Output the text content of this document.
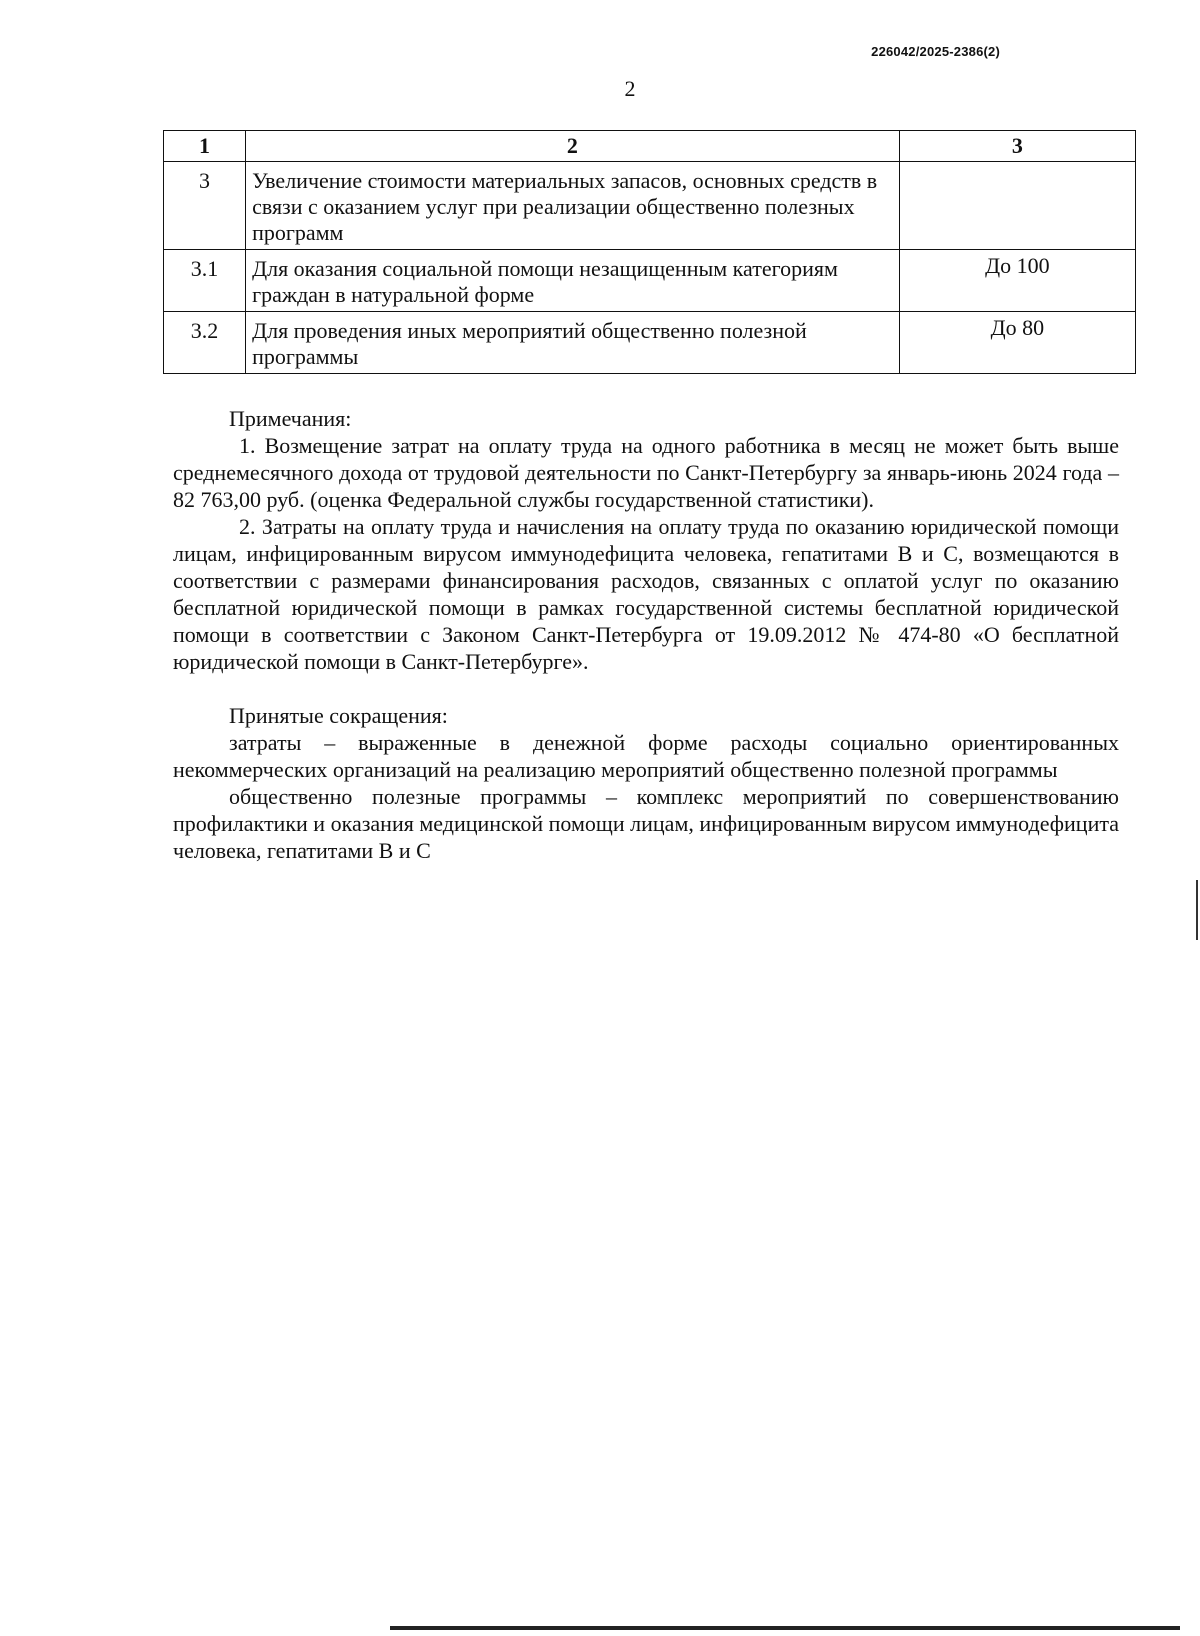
226042/2025-2386(2)
2
1	2	3
3	Увеличение стоимости материальных запасов, основных средств в связи с оказанием услуг при реализации общественно полезных программ	
3.1	Для оказания социальной помощи незащищенным категориям граждан в натуральной форме	До 100
3.2	Для проведения иных мероприятий общественно полезной программы	До 80

Примечания:

1. Возмещение затрат на оплату труда на одного работника в месяц не может быть выше среднемесячного дохода от трудовой деятельности по Санкт-Петербургу за январь-июнь 2024 года – 82 763,00 руб. (оценка Федеральной службы государственной статистики).

2. Затраты на оплату труда и начисления на оплату труда по оказанию юридической помощи лицам, инфицированным вирусом иммунодефицита человека, гепатитами В и С, возмещаются в соответствии с размерами финансирования расходов, связанных с оплатой услуг по оказанию бесплатной юридической помощи в рамках государственной системы бесплатной юридической помощи в соответствии с Законом Санкт-Петербурга от 19.09.2012 № 474-80 «О бесплатной юридической помощи в Санкт-Петербурге».

Принятые сокращения:

затраты – выраженные в денежной форме расходы социально ориентированных некоммерческих организаций на реализацию мероприятий общественно полезной программы

общественно полезные программы – комплекс мероприятий по совершенствованию профилактики и оказания медицинской помощи лицам, инфицированным вирусом иммунодефицита человека, гепатитами В и С
